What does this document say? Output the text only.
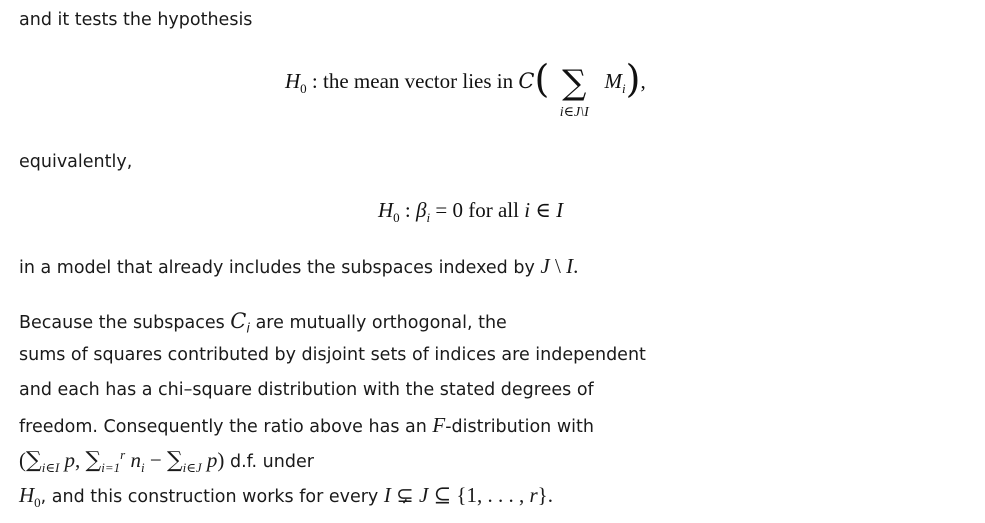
and it tests the hypothesis
$H_0$ : the mean vector lies in C( ∑
i∈J\I
$M_i$),
equivalently,
$H_0$ : $\beta_i = 0$ for all i ∈ I
in a model that already includes the subspaces indexed by J \ I.
Because the subspaces $C_i$ are mutually orthogonal, the
sums of squares contributed by disjoint sets of indices are independent
and each has a chi–square distribution with the stated degrees of
freedom. Consequently the ratio above has an F-distribution with
($\sum_{i\in I}$ p, $\sum_{i=1}^r$ $n_i - \sum_{i\in J}$ p) d.f. under
$H_0$, and this construction works for every I ⊊ J ⊆ {1, . . . , r}.
